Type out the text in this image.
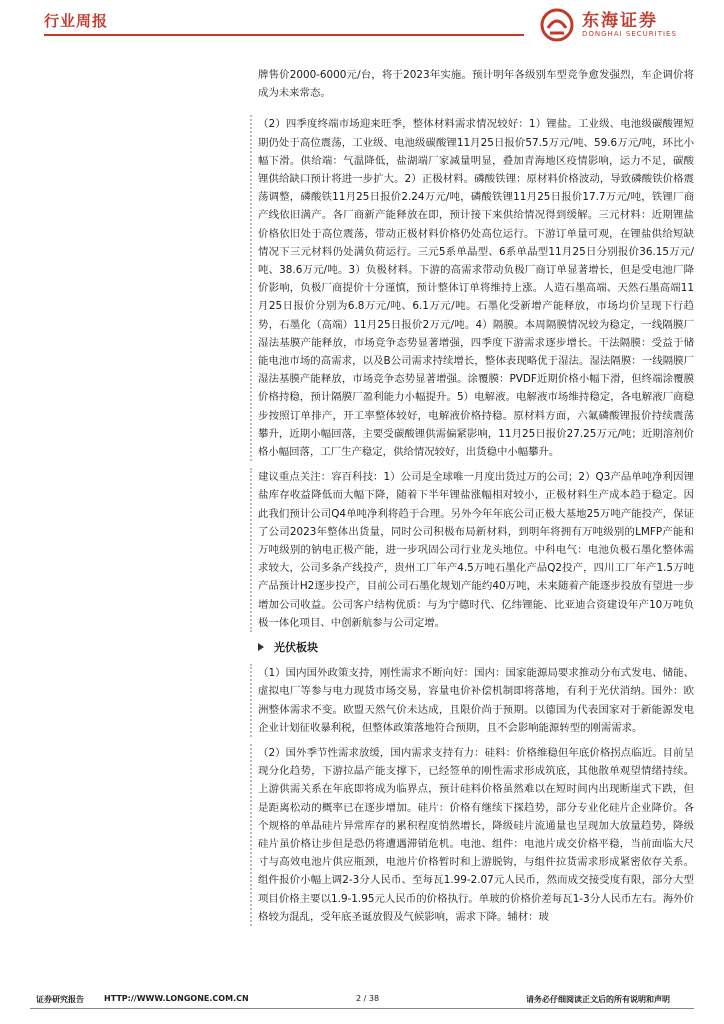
行业周报	东海证券
DONGHAI SECURITIES

牌售价2000-6000元/台，将于2023年实施。预计明年各级别车型竞争愈发强烈，车企调价将成为未来常态。

（2）四季度终端市场迎来旺季，整体材料需求情况较好：1）锂盐。工业级、电池级碳酸锂短期仍处于高位震荡，工业级、电池级碳酸锂11月25日报价57.5万元/吨、59.6万元/吨，环比小幅下滑。供给端：气温降低，盐湖端厂家减量明显，叠加青海地区疫情影响，运力不足，碳酸锂供给缺口预计将进一步扩大。2）正极材料。磷酸铁锂：原材料价格波动，导致磷酸铁价格震荡调整，磷酸铁11月25日报价2.24万元/吨，磷酸铁锂11月25日报价17.7万元/吨，铁锂厂商产线依旧满产。各厂商新产能释放在即，预计接下来供给情况得到缓解。三元材料：近期锂盐价格依旧处于高位震荡，带动正极材料价格仍处高位运行。下游订单量可观，在锂盐供给短缺情况下三元材料仍处满负荷运行。三元5系单晶型、6系单晶型11月25日分别报价36.15万元/吨、38.6万元/吨。3）负极材料。下游的高需求带动负极厂商订单显著增长，但是受电池厂降价影响，负极厂商提价十分谨慎，预计整体订单将维持上涨。人造石墨高端、天然石墨高端11月25日报价分别为6.8万元/吨、6.1万元/吨。石墨化受新增产能释放，市场均价呈现下行趋势，石墨化（高端）11月25日报价2万元/吨。4）隔膜。本周隔膜情况较为稳定，一线隔膜厂湿法基膜产能释放，市场竞争态势显著增强，四季度下游需求逐步增长。干法隔膜：受益于储能电池市场的高需求，以及B公司需求持续增长，整体表现略优于湿法。湿法隔膜：一线隔膜厂湿法基膜产能释放，市场竞争态势显著增强。涂覆膜：PVDF近期价格小幅下滑，但终端涂覆膜价格持稳，预计隔膜厂盈利能力小幅提升。5）电解液。电解液市场维持稳定，各电解液厂商稳步按照订单排产，开工率整体较好，电解液价格持稳。原材料方面，六氟磷酸锂报价持续震荡攀升，近期小幅回落，主要受碳酸锂供需偏紧影响，11月25日报价27.25万元/吨；近期溶剂价格小幅回落，工厂生产稳定，供给情况较好，出货稳中小幅攀升。

建议重点关注：容百科技：1）公司是全球唯一月度出货过万的公司；2）Q3产品单吨净利因锂盐库存收益降低而大幅下降，随着下半年锂盐涨幅相对较小，正极材料生产成本趋于稳定。因此我们预计公司Q4单吨净利将趋于合理。另外今年年底公司正极大基地25万吨产能投产，保证了公司2023年整体出货量，同时公司积极布局新材料，到明年将拥有万吨级别的LMFP产能和万吨级别的钠电正极产能，进一步巩固公司行业龙头地位。中科电气：电池负极石墨化整体需求较大，公司多条产线投产，贵州工厂年产4.5万吨石墨化产品Q2投产，四川工厂年产1.5万吨产品预计H2逐步投产，目前公司石墨化规划产能约40万吨，未来随着产能逐步投放有望进一步增加公司收益。公司客户结构优质：与为宁德时代、亿纬锂能、比亚迪合资建设年产10万吨负极一体化项目、中创新航参与公司定增。

光伏板块

（1）国内国外政策支持，刚性需求不断向好：国内：国家能源局要求推动分布式发电、储能、虚拟电厂等参与电力现货市场交易，容量电价补偿机制即将落地，有利于光伏消纳。国外：欧洲整体需求不变。欧盟天然气价未达成，且限价尚于预期。以德国为代表国家对于新能源发电企业计划征收暴利税，但整体政策落地符合预期，且不会影响能源转型的刚需需求。

（2）国外季节性需求放缓，国内需求支持有力：硅料：价格维稳但年底价格拐点临近。目前呈现分化趋势，下游拉晶产能支撑下，已经签单的刚性需求形成筑底，其他散单观望情绪持续。上游供需关系在年底即将成为临界点，预计硅料价格虽然难以在短时间内出现断崖式下跌，但是距离松动的概率已在逐步增加。硅片：价格有继续下探趋势，部分专业化硅片企业降价。各个规格的单晶硅片异常库存的累积程度悄然增长，降级硅片流通量也呈现加大放量趋势，降级硅片虽价格让步但是恐仍将遭遇滞销危机。电池、组件：电池片成交价格平稳，当前面临大尺寸与高效电池片供应瓶颈，电池片价格暂时和上游脱钩，与组件拉货需求形成紧密依存关系。组件报价小幅上调2-3分人民币、至每瓦1.99-2.07元人民币，然而成交接受度有限，部分大型项目价格主要以1.9-1.95元人民币的价格执行。单玻的价格价差每瓦1-3分人民币左右。海外价格较为混乱，受年底圣诞放假及气候影响，需求下降。辅材：玻

证券研究报告	HTTP://WWW.LONGONE.COM.CN	2 / 38	请务必仔细阅读正文后的所有说明和声明
